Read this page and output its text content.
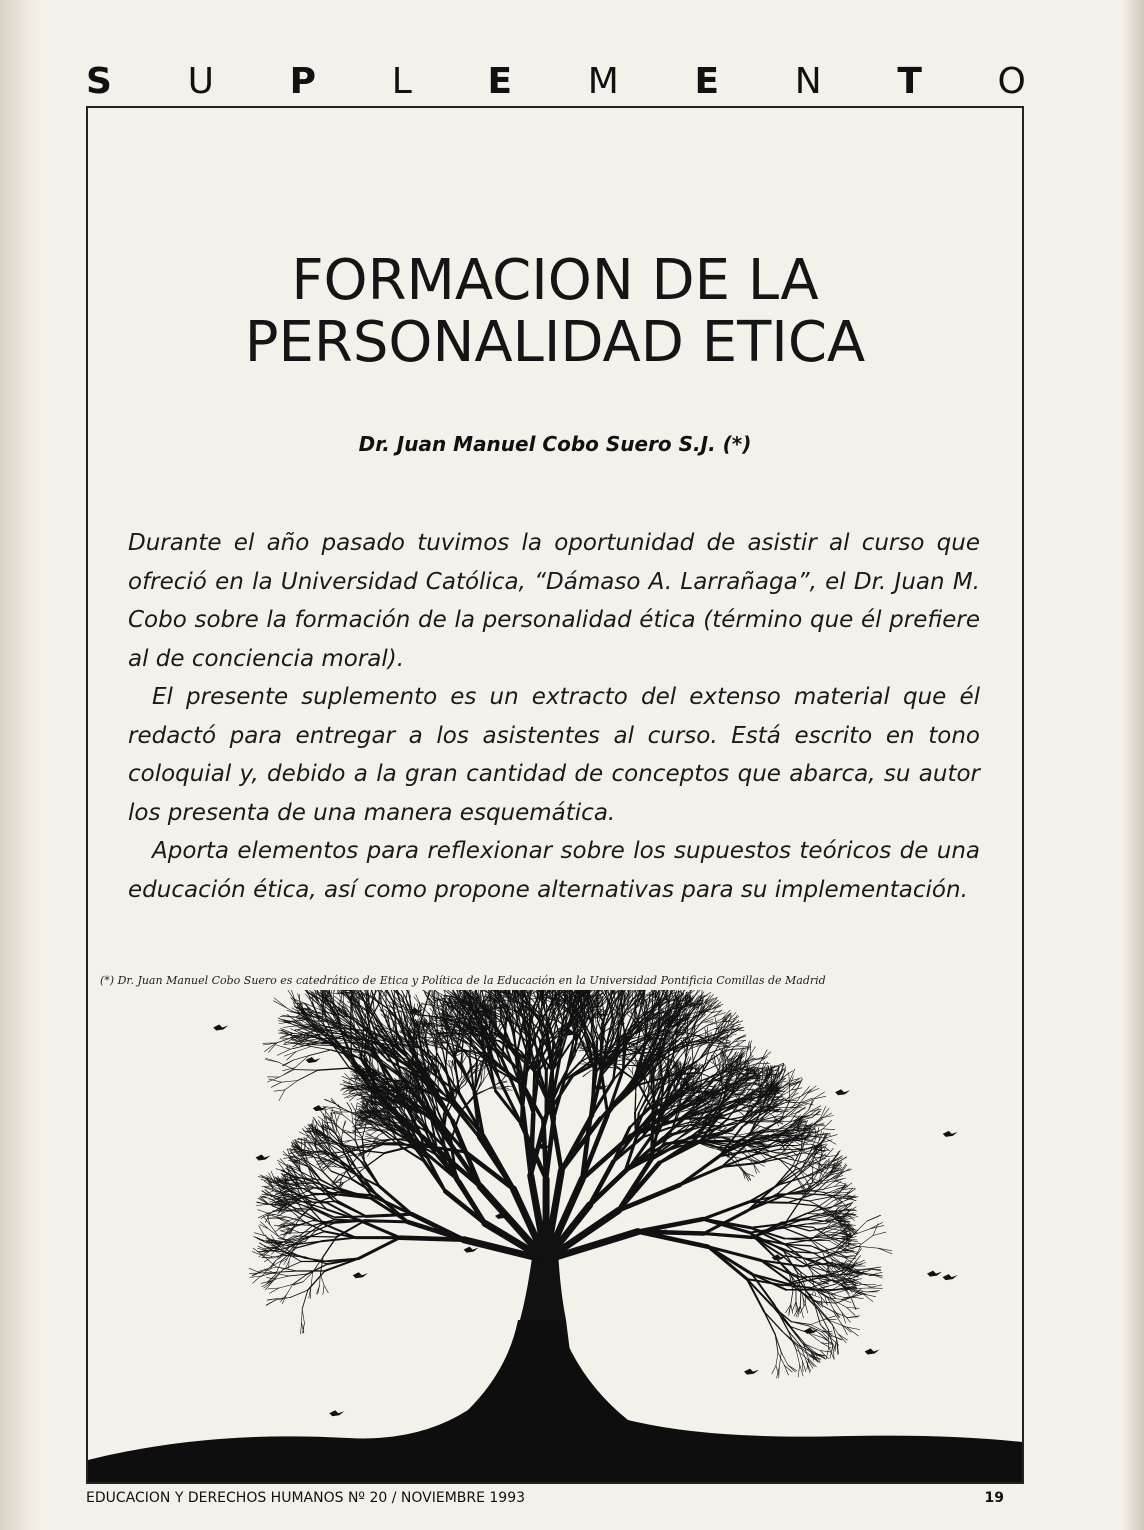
S U P L E M E N T O
FORMACION DE LA
PERSONALIDAD ETICA
Dr. Juan Manuel Cobo Suero S.J. (*)

Durante el año pasado tuvimos la oportunidad de asistir al curso que ofreció en la Universidad Católica, “Dámaso A. Larrañaga”, el Dr. Juan M. Cobo sobre la formación de la personalidad ética (término que él prefiere al de conciencia moral).

El presente suplemento es un extracto del extenso material que él redactó para entregar a los asistentes al curso. Está escrito en tono coloquial y, debido a la gran cantidad de conceptos que abarca, su autor los presenta de una manera esquemática.

Aporta elementos para reflexionar sobre los supuestos teóricos de una educación ética, así como propone alternativas para su implementación.

(*) Dr. Juan Manuel Cobo Suero es catedrático de Etica y Política de la Educación en la Universidad Pontificia Comillas de Madrid
EDUCACION Y DERECHOS HUMANOS Nº 20 / NOVIEMBRE 1993	19
